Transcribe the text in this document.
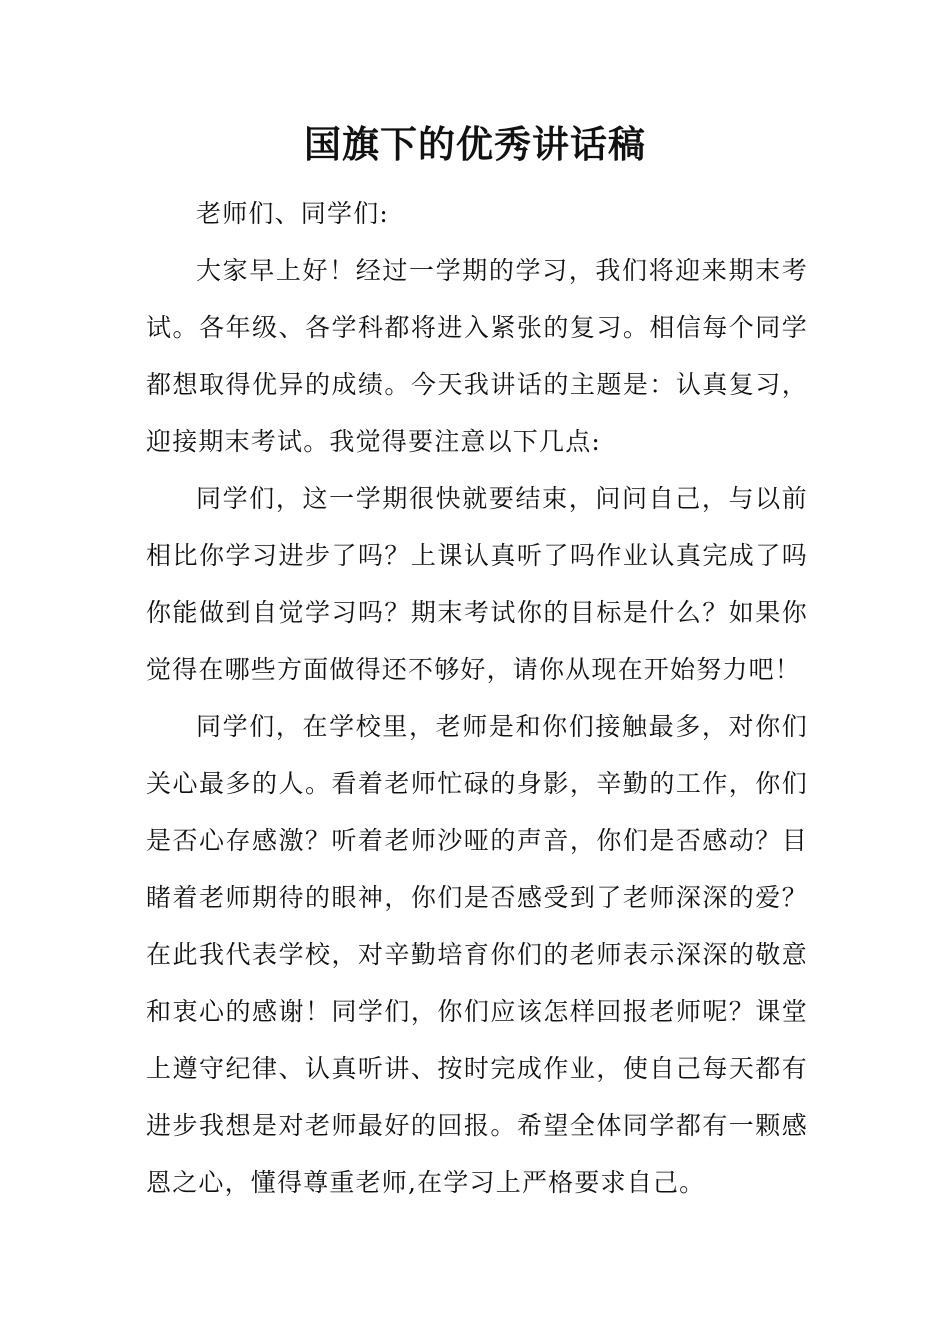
国旗下的优秀讲话稿

老师们、同学们:

大家早上好！经过一学期的学习，我们将迎来期末考试。各年级、各学科都将进入紧张的复习。相信每个同学都想取得优异的成绩。今天我讲话的主题是：认真复习，迎接期末考试。我觉得要注意以下几点:

同学们，这一学期很快就要结束，问问自己，与以前相比你学习进步了吗？上课认真听了吗作业认真完成了吗你能做到自觉学习吗？期末考试你的目标是什么？如果你觉得在哪些方面做得还不够好，请你从现在开始努力吧！

同学们，在学校里，老师是和你们接触最多，对你们关心最多的人。看着老师忙碌的身影，辛勤的工作，你们是否心存感激？听着老师沙哑的声音，你们是否感动？目睹着老师期待的眼神，你们是否感受到了老师深深的爱？在此我代表学校，对辛勤培育你们的老师表示深深的敬意和衷心的感谢！同学们，你们应该怎样回报老师呢？课堂上遵守纪律、认真听讲、按时完成作业，使自己每天都有进步我想是对老师最好的回报。希望全体同学都有一颗感恩之心，懂得尊重老师,在学习上严格要求自己。
